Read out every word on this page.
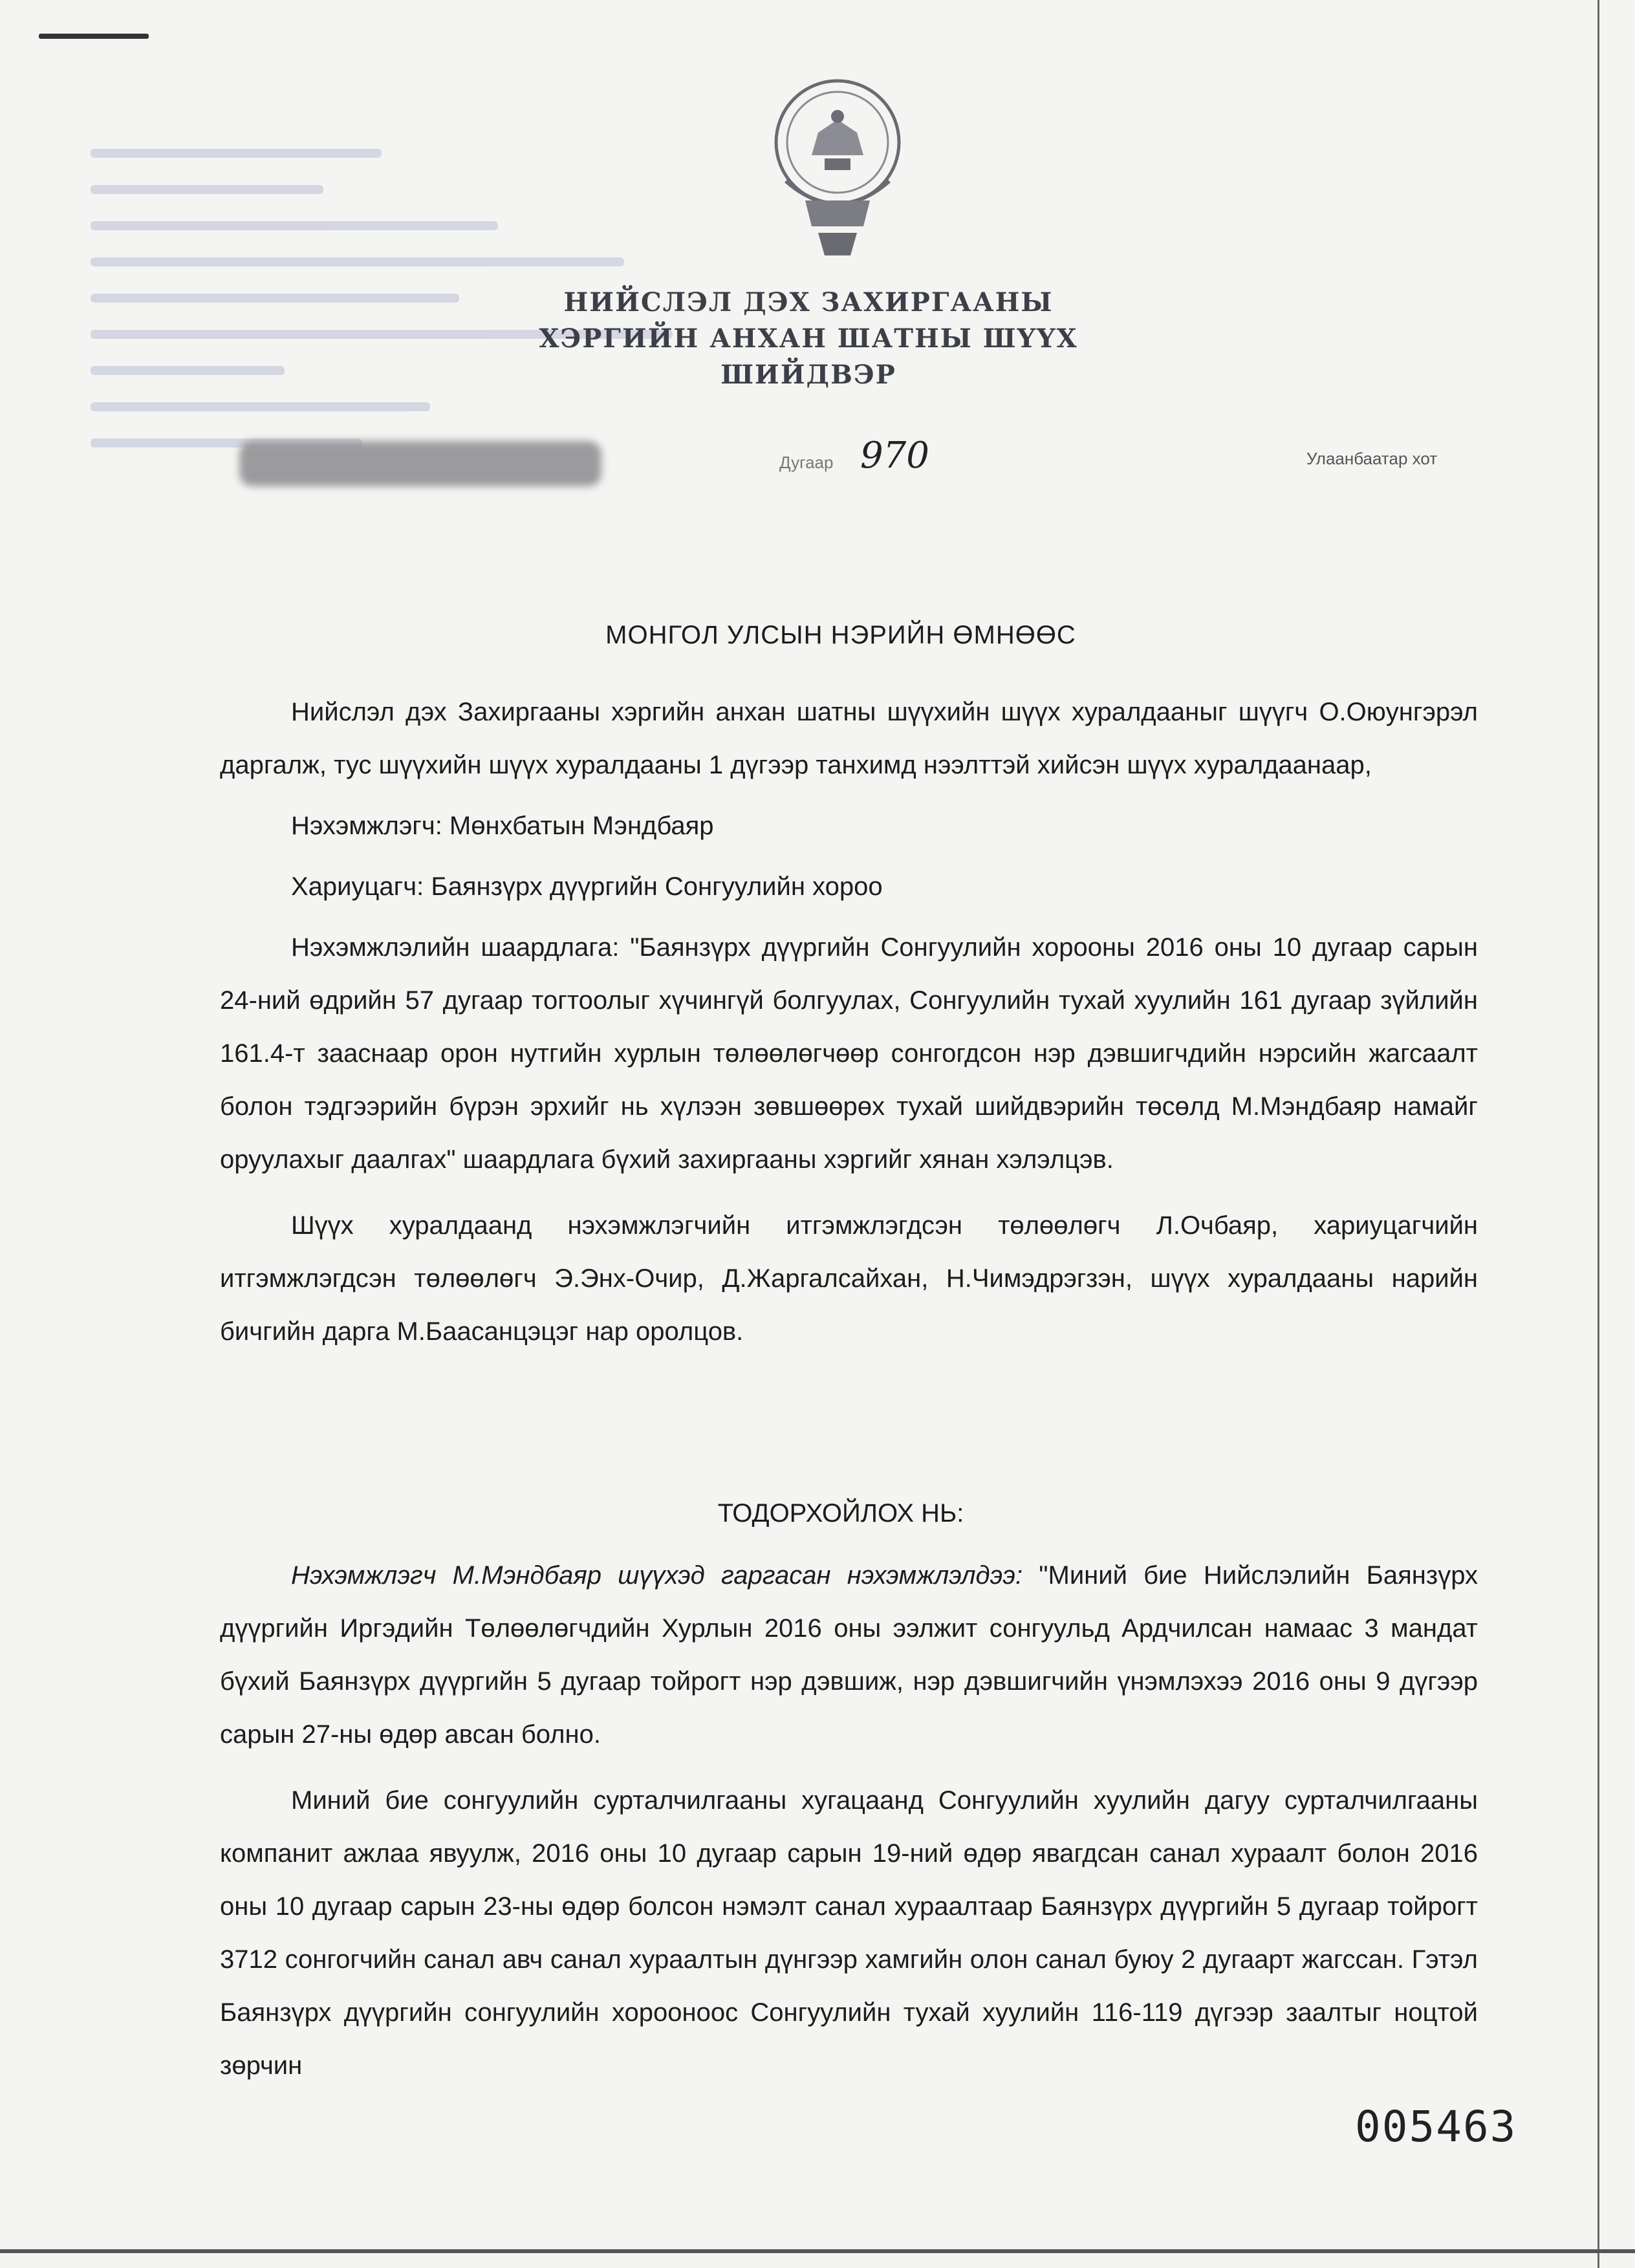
НИЙСЛЭЛ ДЭХ ЗАХИРГААНЫ
ХЭРГИЙН АНХАН ШАТНЫ ШҮҮХ
ШИЙДВЭР
Дугаар 970	Улаанбаатар хот
МОНГОЛ УЛСЫН НЭРИЙН ӨМНӨӨС

Нийслэл дэх Захиргааны хэргийн анхан шатны шүүхийн шүүх хуралдааныг шүүгч О.Оюунгэрэл даргалж, тус шүүхийн шүүх хуралдааны 1 дүгээр танхимд нээлттэй хийсэн шүүх хуралдаанаар,

Нэхэмжлэгч: Мөнхбатын Мэндбаяр

Хариуцагч: Баянзүрх дүүргийн Сонгуулийн хороо

Нэхэмжлэлийн шаардлага: "Баянзүрх дүүргийн Сонгуулийн хорооны 2016 оны 10 дугаар сарын 24-ний өдрийн 57 дугаар тогтоолыг хүчингүй болгуулах, Сонгуулийн тухай хуулийн 161 дугаар зүйлийн 161.4-т зааснаар орон нутгийн хурлын төлөөлөгчөөр сонгогдсон нэр дэвшигчдийн нэрсийн жагсаалт болон тэдгээрийн бүрэн эрхийг нь хүлээн зөвшөөрөх тухай шийдвэрийн төсөлд М.Мэндбаяр намайг оруулахыг даалгах" шаардлага бүхий захиргааны хэргийг хянан хэлэлцэв.

Шүүх хуралдаанд нэхэмжлэгчийн итгэмжлэгдсэн төлөөлөгч Л.Очбаяр, хариуцагчийн итгэмжлэгдсэн төлөөлөгч Э.Энх-Очир, Д.Жаргалсайхан, Н.Чимэдрэгзэн, шүүх хуралдааны нарийн бичгийн дарга М.Баасанцэцэг нар оролцов.

ТОДОРХОЙЛОХ НЬ:

Нэхэмжлэгч М.Мэндбаяр шүүхэд гаргасан нэхэмжлэлдээ: "Миний бие Нийслэлийн Баянзүрх дүүргийн Иргэдийн Төлөөлөгчдийн Хурлын 2016 оны ээлжит сонгуульд Ардчилсан намаас 3 мандат бүхий Баянзүрх дүүргийн 5 дугаар тойрогт нэр дэвшиж, нэр дэвшигчийн үнэмлэхээ 2016 оны 9 дүгээр сарын 27-ны өдөр авсан болно.

Миний бие сонгуулийн сурталчилгааны хугацаанд Сонгуулийн хуулийн дагуу сурталчилгааны компанит ажлаа явуулж, 2016 оны 10 дугаар сарын 19-ний өдөр явагдсан санал хураалт болон 2016 оны 10 дугаар сарын 23-ны өдөр болсон нэмэлт санал хураалтаар Баянзүрх дүүргийн 5 дугаар тойрогт 3712 сонгогчийн санал авч санал хураалтын дүнгээр хамгийн олон санал буюу 2 дугаарт жагссан. Гэтэл Баянзүрх дүүргийн сонгуулийн хорооноос Сонгуулийн тухай хуулийн 116-119 дүгээр заалтыг ноцтой зөрчин

005463
